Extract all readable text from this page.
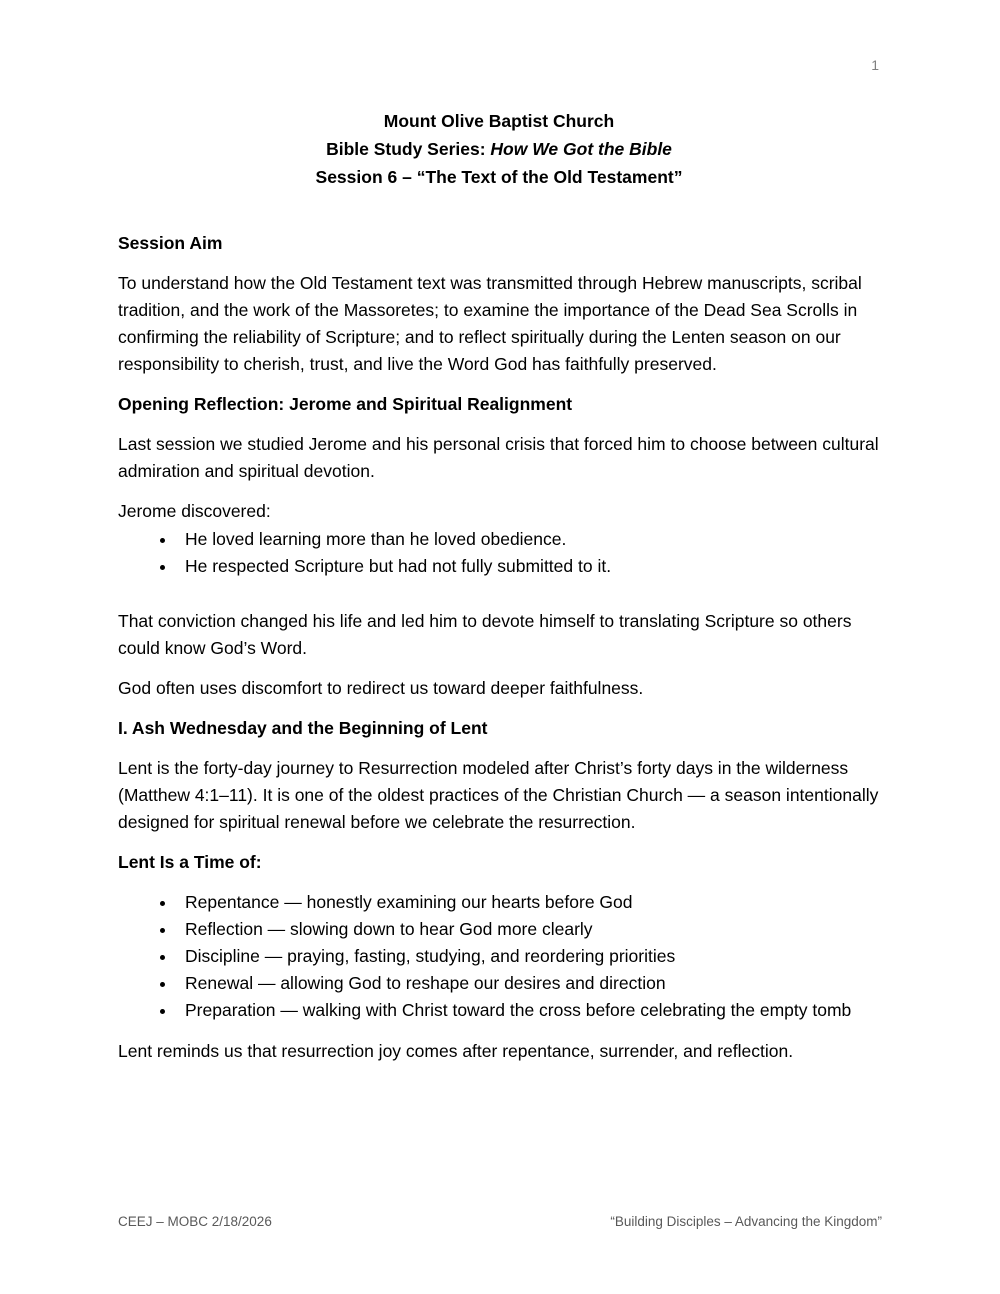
1
Mount Olive Baptist Church
Bible Study Series: How We Got the Bible
Session 6 – “The Text of the Old Testament”
Session Aim

To understand how the Old Testament text was transmitted through Hebrew manuscripts, scribal tradition, and the work of the Massoretes; to examine the importance of the Dead Sea Scrolls in confirming the reliability of Scripture; and to reflect spiritually during the Lenten season on our responsibility to cherish, trust, and live the Word God has faithfully preserved.

Opening Reflection: Jerome and Spiritual Realignment

Last session we studied Jerome and his personal crisis that forced him to choose between cultural admiration and spiritual devotion.

Jerome discovered:

• He loved learning more than he loved obedience.
• He respected Scripture but had not fully submitted to it.

That conviction changed his life and led him to devote himself to translating Scripture so others could know God’s Word.

God often uses discomfort to redirect us toward deeper faithfulness.

I. Ash Wednesday and the Beginning of Lent

Lent is the forty-day journey to Resurrection modeled after Christ’s forty days in the wilderness (Matthew 4:1–11). It is one of the oldest practices of the Christian Church — a season intentionally designed for spiritual renewal before we celebrate the resurrection.

Lent Is a Time of:
• Repentance — honestly examining our hearts before God
• Reflection — slowing down to hear God more clearly
• Discipline — praying, fasting, studying, and reordering priorities
• Renewal — allowing God to reshape our desires and direction
• Preparation — walking with Christ toward the cross before celebrating the empty tomb

Lent reminds us that resurrection joy comes after repentance, surrender, and reflection.

CEEJ – MOBC 2/18/2026	“Building Disciples – Advancing the Kingdom”
